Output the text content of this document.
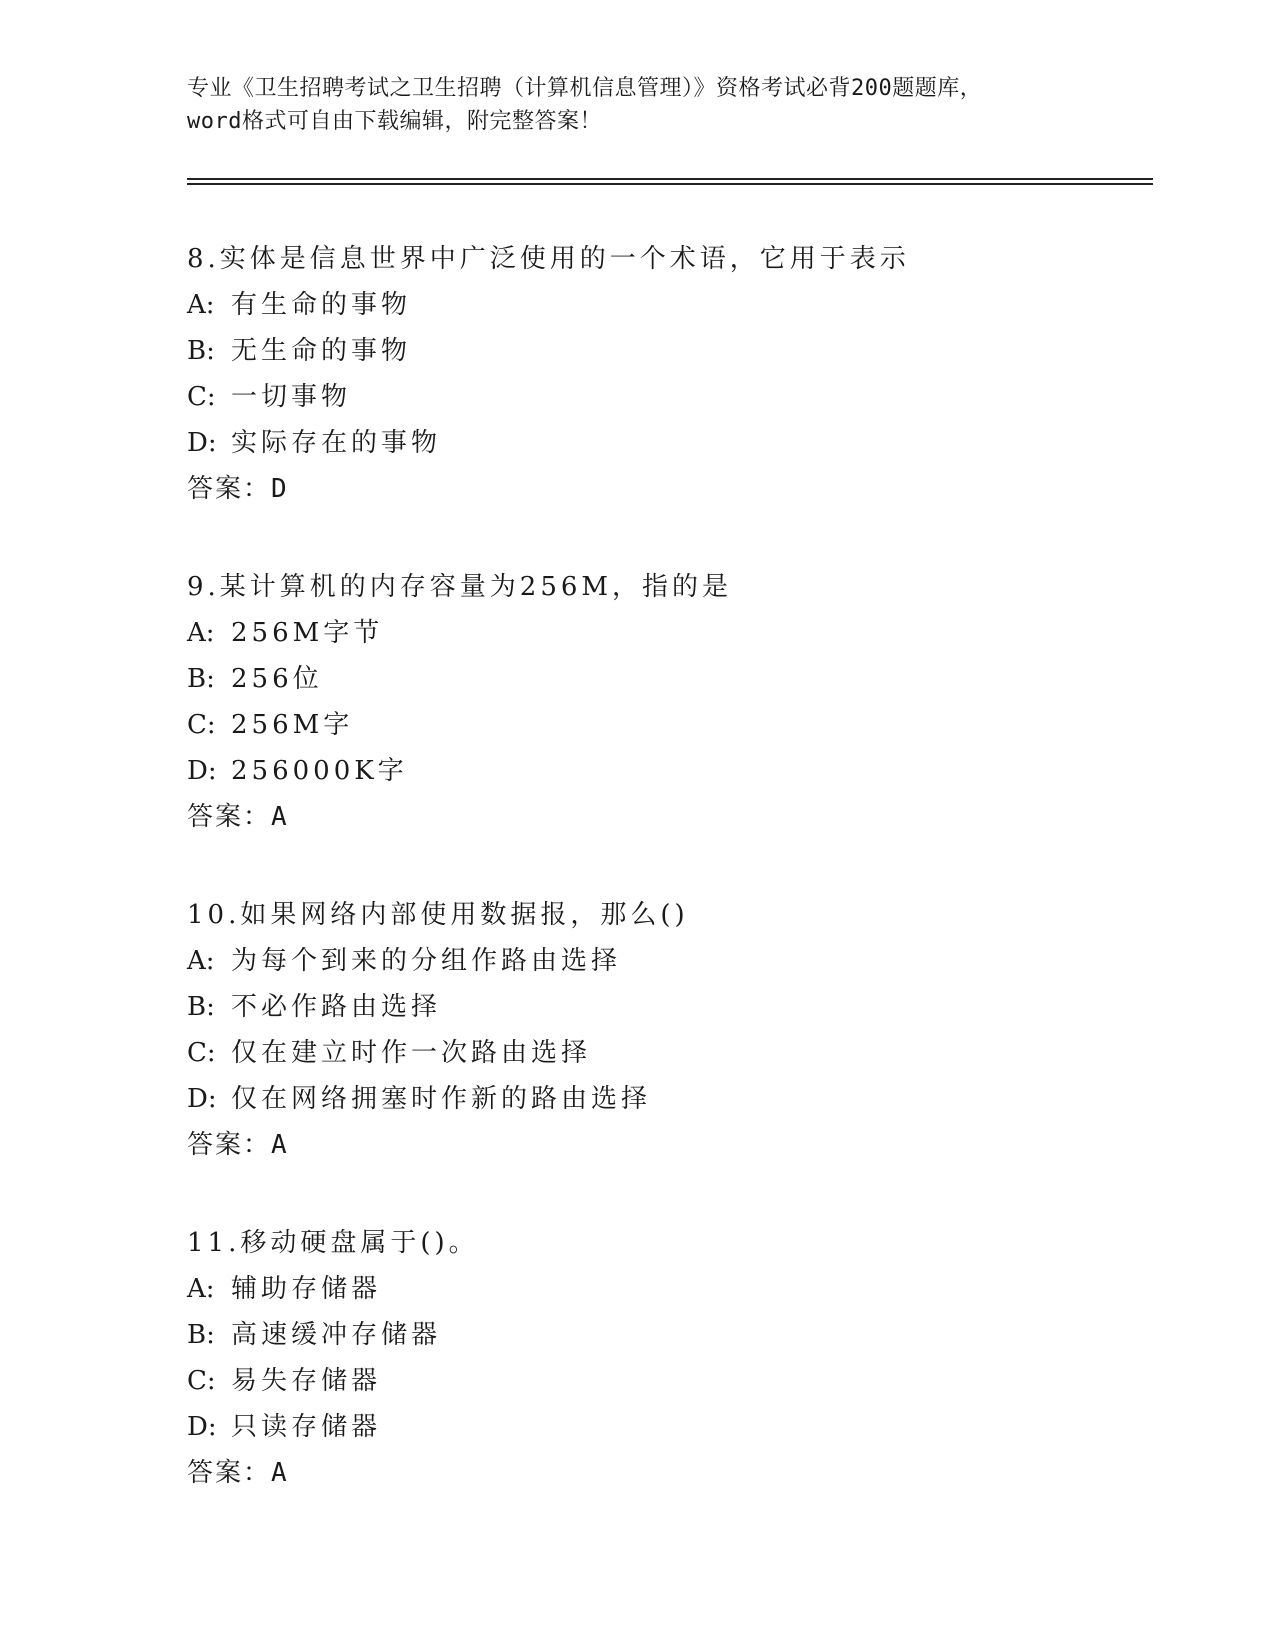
专业《卫生招聘考试之卫生招聘（计算机信息管理）》资格考试必背200题题库，

word格式可自由下载编辑，附完整答案！

8.实体是信息世界中广泛使用的一个术语，它用于表示
A: 有生命的事物
B: 无生命的事物
C: 一切事物
D: 实际存在的事物
答案：D
9.某计算机的内存容量为256M，指的是
A: 256M字节
B: 256位
C: 256M字
D: 256000K字
答案：A
10.如果网络内部使用数据报，那么()
A: 为每个到来的分组作路由选择
B: 不必作路由选择
C: 仅在建立时作一次路由选择
D: 仅在网络拥塞时作新的路由选择
答案：A
11.移动硬盘属于()。
A: 辅助存储器
B: 高速缓冲存储器
C: 易失存储器
D: 只读存储器
答案：A
